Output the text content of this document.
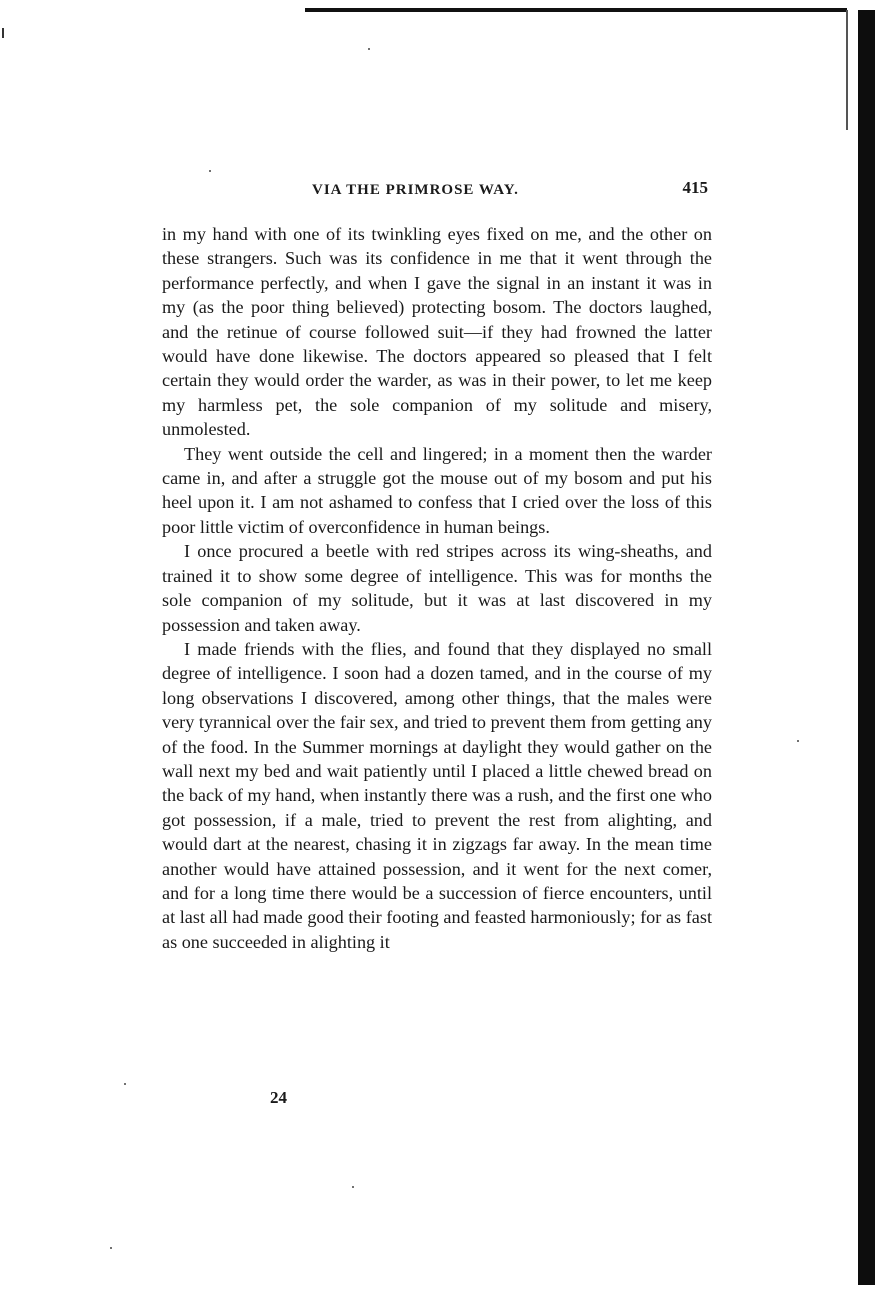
VIA THE PRIMROSE WAY.	415

in my hand with one of its twinkling eyes fixed on me, and the other on these strangers. Such was its confidence in me that it went through the performance perfectly, and when I gave the signal in an instant it was in my (as the poor thing believed) protecting bosom. The doctors laughed, and the retinue of course followed suit—if they had frowned the latter would have done likewise. The doctors appeared so pleased that I felt certain they would order the warder, as was in their power, to let me keep my harmless pet, the sole companion of my solitude and misery, unmolested.

They went outside the cell and lingered; in a moment then the warder came in, and after a struggle got the mouse out of my bosom and put his heel upon it. I am not ashamed to confess that I cried over the loss of this poor little victim of overconfidence in human beings.

I once procured a beetle with red stripes across its wing-sheaths, and trained it to show some degree of intelligence. This was for months the sole companion of my solitude, but it was at last discovered in my possession and taken away.

I made friends with the flies, and found that they displayed no small degree of intelligence. I soon had a dozen tamed, and in the course of my long observations I discovered, among other things, that the males were very tyrannical over the fair sex, and tried to prevent them from getting any of the food. In the Summer mornings at daylight they would gather on the wall next my bed and wait patiently until I placed a little chewed bread on the back of my hand, when instantly there was a rush, and the first one who got possession, if a male, tried to prevent the rest from alighting, and would dart at the nearest, chasing it in zigzags far away. In the mean time another would have attained possession, and it went for the next comer, and for a long time there would be a succession of fierce encounters, until at last all had made good their footing and feasted harmoniously; for as fast as one succeeded in alighting it

24
